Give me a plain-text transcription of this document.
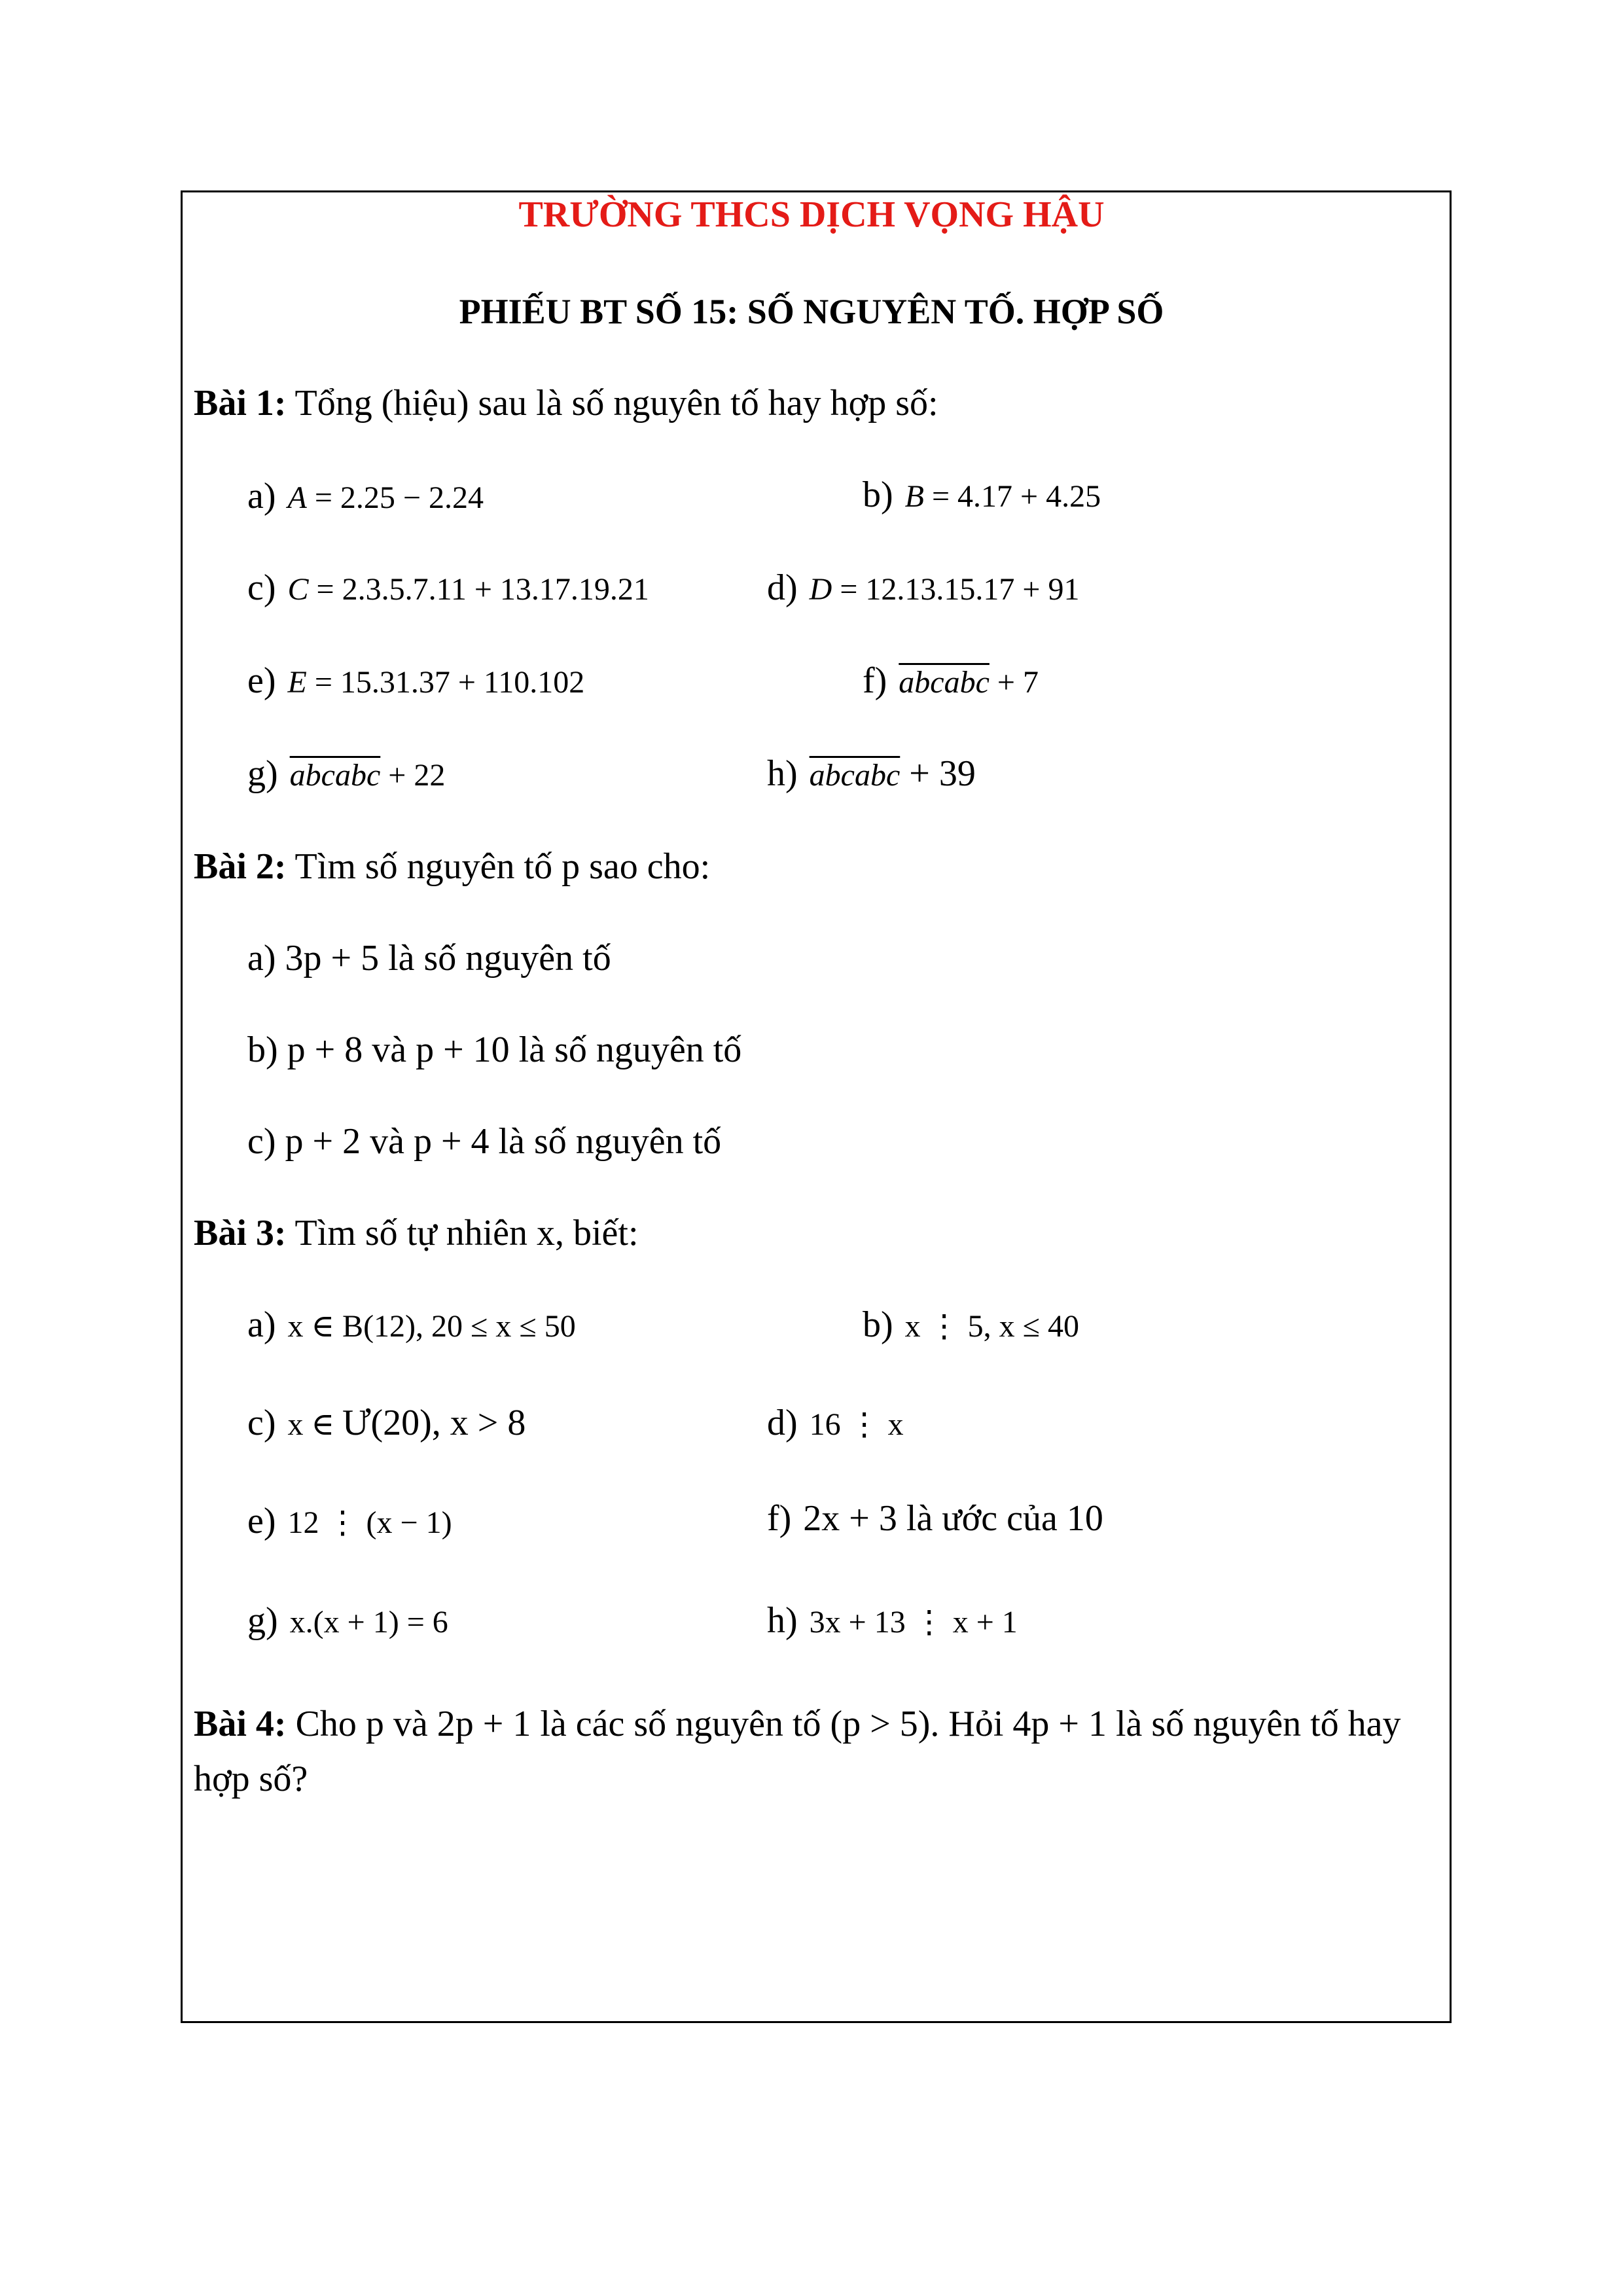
TRƯỜNG THCS DỊCH VỌNG HẬU
PHIẾU BT SỐ 15: SỐ NGUYÊN TỐ. HỢP SỐ
Bài 1: Tổng (hiệu) sau là số nguyên tố hay hợp số:
a) A = 2.25 − 2.24	b) B = 4.17 + 4.25
c) C = 2.3.5.7.11 + 13.17.19.21	d) D = 12.13.15.17 + 91
e) E = 15.31.37 + 110.102	f) abcabc + 7
g) abcabc + 22	h) abcabc + 39
Bài 2: Tìm số nguyên tố p sao cho:
a) 3p + 5 là số nguyên tố
b) p + 8 và p + 10 là số nguyên tố
c) p + 2 và p + 4 là số nguyên tố
Bài 3: Tìm số tự nhiên x, biết:
a) x ∈ B(12), 20 ≤ x ≤ 50	b) x ⋮ 5, x ≤ 40
c) x ∈ Ư(20), x > 8	d) 16 ⋮ x
e) 12 ⋮ (x − 1)	f) 2x + 3 là ước của 10
g) x.(x + 1) = 6	h) 3x + 13 ⋮ x + 1
Bài 4: Cho p và 2p + 1 là các số nguyên tố (p > 5). Hỏi 4p + 1 là số nguyên tố hay hợp số?
